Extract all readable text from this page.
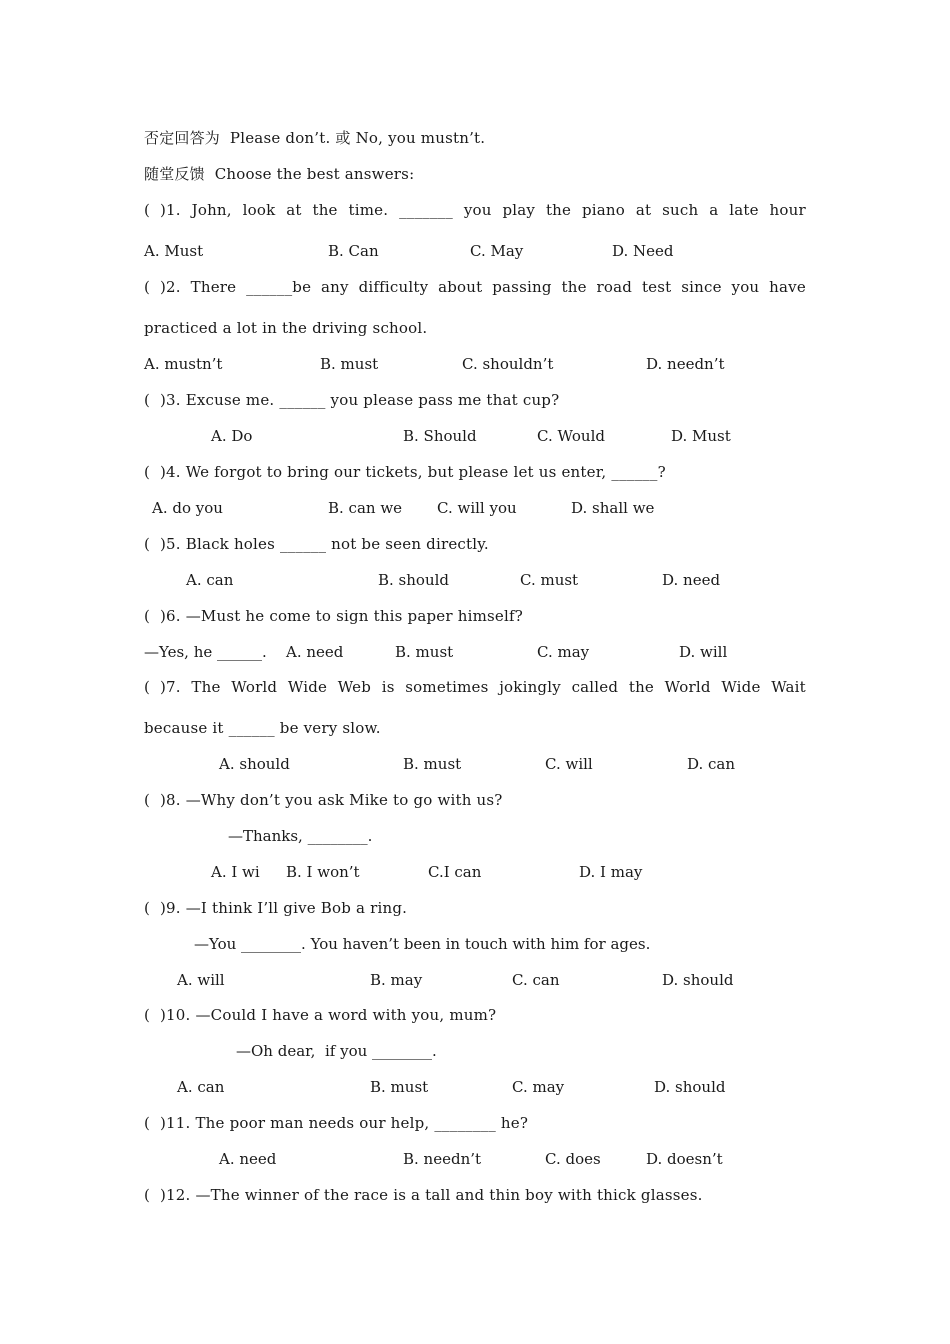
否定回答为  Please don’t. 或 No, you mustn’t.
随堂反馈  Choose the best answers:
(  )1. John, look at the time. _______ you play the piano at such a late hour
A. Must	B. Can	C. May	D. Need
(  )2. There ______be any difficulty about passing the road test since you have
practiced a lot in the driving school.
A. mustn’t	B. must	C. shouldn’t	D. needn’t
(  )3. Excuse me. ______ you please pass me that cup?
A. Do	B. Should	C. Would	D. Must
(  )4. We forgot to bring our tickets, but please let us enter, ______?
A. do you	B. can we C. will you	D. shall we
(  )5. Black holes ______ not be seen directly.
A. can	B. should	C. must	D. need
(  )6. —Must he come to sign this paper himself?
—Yes, he ______. A. need	B. must	C. may	D. will
(  )7. The World Wide Web is sometimes jokingly called the World Wide Wait
because it ______ be very slow.
A. should	B. must	C. will	D. can
(  )8. —Why don’t you ask Mike to go with us?
—Thanks, ________.
A. I wi B. I won’t	C.I can	D. I may
(  )9. —I think I’ll give Bob a ring.
—You ________. You haven’t been in touch with him for ages.
A. will	B. may	C. can	D. should
(  )10. —Could I have a word with you, mum?
—Oh dear,  if you ________.
A. can	B. must	C. may	D. should
(  )11. The poor man needs our help, ________ he?
A. need	B. needn’t	C. does	D. doesn’t
(  )12. —The winner of the race is a tall and thin boy with thick glasses.
